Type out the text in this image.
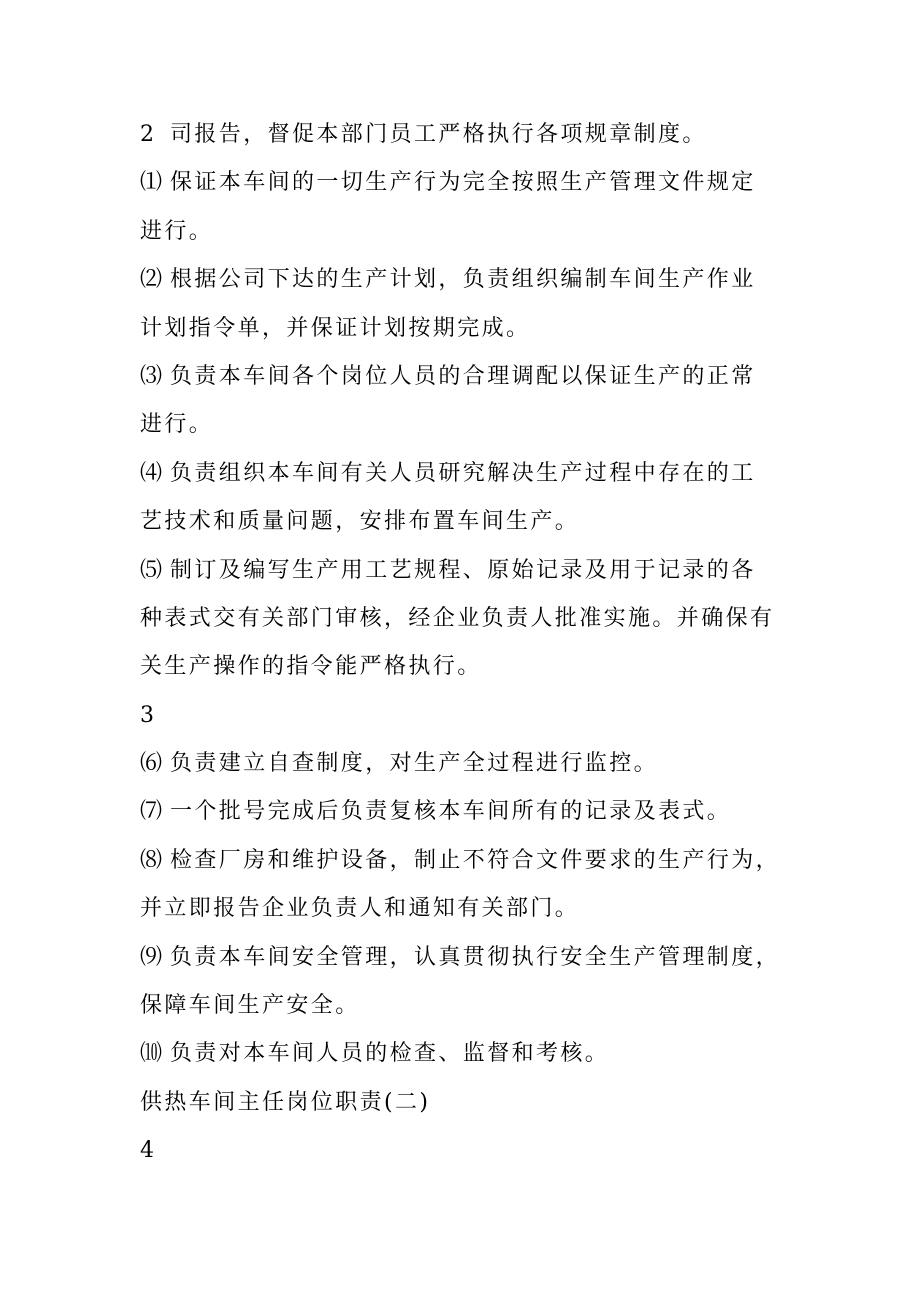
2 司报告，督促本部门员工严格执行各项规章制度。
⑴ 保证本车间的一切生产行为完全按照生产管理文件规定
进行。
⑵ 根据公司下达的生产计划，负责组织编制车间生产作业
计划指令单，并保证计划按期完成。
⑶ 负责本车间各个岗位人员的合理调配以保证生产的正常
进行。
⑷ 负责组织本车间有关人员研究解决生产过程中存在的工
艺技术和质量问题，安排布置车间生产。
⑸ 制订及编写生产用工艺规程、原始记录及用于记录的各
种表式交有关部门审核，经企业负责人批准实施。并确保有
关生产操作的指令能严格执行。
3
⑹ 负责建立自查制度，对生产全过程进行监控。
⑺ 一个批号完成后负责复核本车间所有的记录及表式。
⑻ 检查厂房和维护设备，制止不符合文件要求的生产行为，
并立即报告企业负责人和通知有关部门。
⑼ 负责本车间安全管理，认真贯彻执行安全生产管理制度，
保障车间生产安全。
⑽ 负责对本车间人员的检查、监督和考核。
供热车间主任岗位职责(二)
4
